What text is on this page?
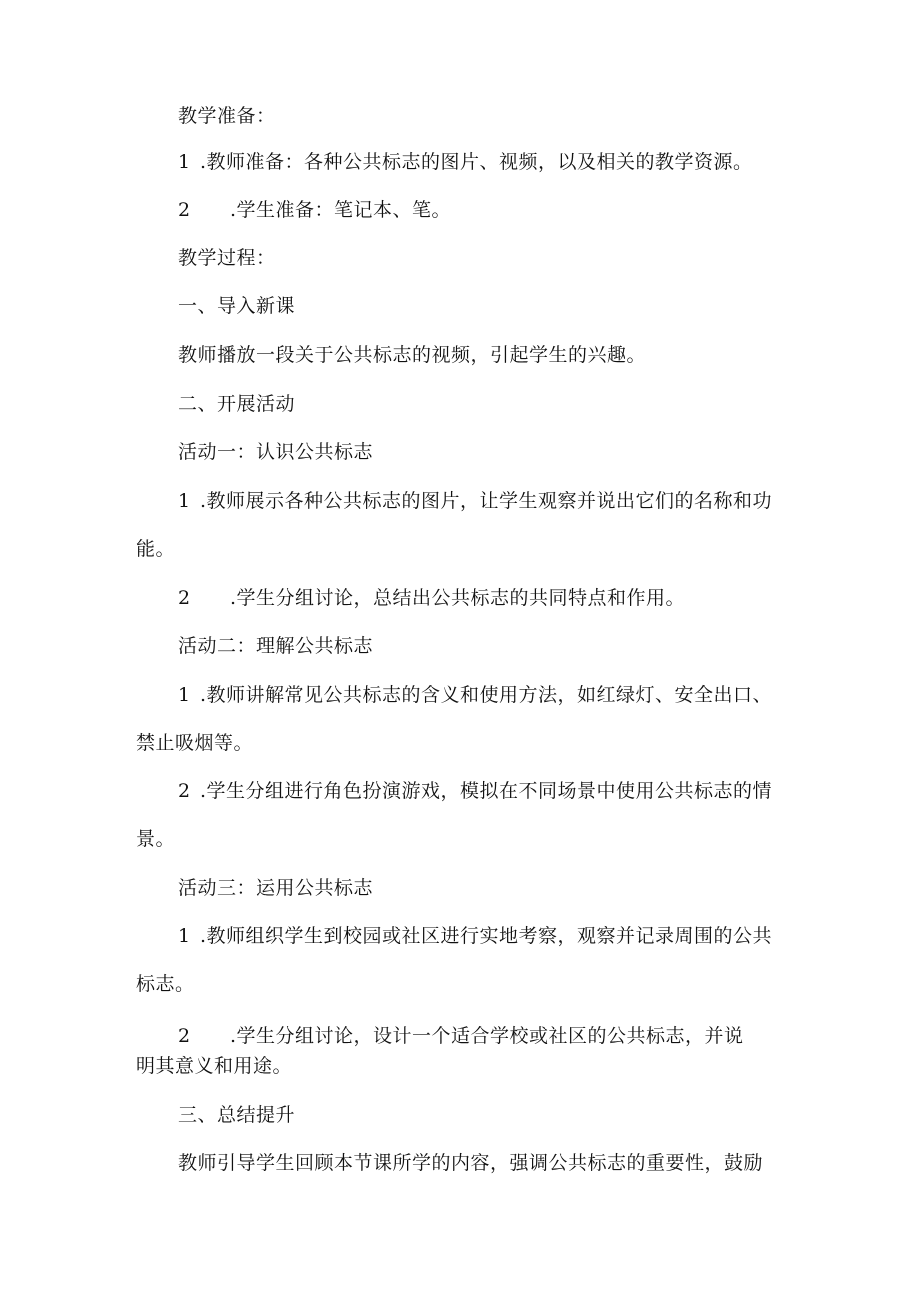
教学准备：
1 .教师准备：各种公共标志的图片、视频，以及相关的教学资源。
2 .学生准备：笔记本、笔。
教学过程：
一、导入新课
教师播放一段关于公共标志的视频，引起学生的兴趣。
二、开展活动
活动一：认识公共标志
1 .教师展示各种公共标志的图片，让学生观察并说出它们的名称和功
能。
2 .学生分组讨论，总结出公共标志的共同特点和作用。
活动二：理解公共标志
1 .教师讲解常见公共标志的含义和使用方法，如红绿灯、安全出口、
禁止吸烟等。
2 .学生分组进行角色扮演游戏，模拟在不同场景中使用公共标志的情
景。
活动三：运用公共标志
1 .教师组织学生到校园或社区进行实地考察，观察并记录周围的公共
标志。
2 .学生分组讨论，设计一个适合学校或社区的公共标志，并说
明其意义和用途。
三、总结提升
教师引导学生回顾本节课所学的内容，强调公共标志的重要性，鼓励
